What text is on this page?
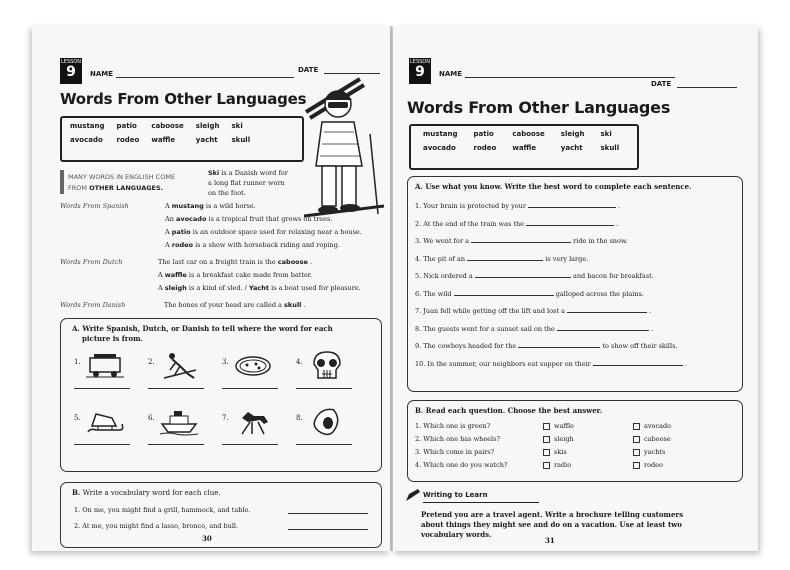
LESSON
9	NAME	DATE
Words From Other Languages
mustang patio	caboose sleigh ski
avocado rodeo waffle	yacht skull
MANY WORDS IN ENGLISH COME
FROM OTHER LANGUAGES.
Ski is a Danish word for
a long flat runner worn
on the foot.
Words From Spanish	A mustang is a wild horse.
An avocado is a tropical fruit that grows on trees.
A patio is an outdoor space used for relaxing near a house.
A rodeo is a show with horseback riding and roping.
Words From Dutch	The last car on a freight train is the caboose .
A waffle is a breakfast cake made from batter.
A sleigh is a kind of sled. / Yacht is a boat used for pleasure.
Words From Danish	The bones of your head are called a skull .
A. Write Spanish, Dutch, or Danish to tell where the word for each
picture is from.
B. Write a vocabulary word for each clue.
30
1.	2.	3.	4.
5.	6.	7.	8.
1. On me, you might find a grill, hammock, and table.
2. At me, you might find a lasso, bronco, and bull.
LESSON
9	NAME
DATE
Words From Other Languages
mustang patio	caboose sleigh ski
avocado	rodeo waffle	yacht	skull
A. Use what you know. Write the best word to complete each sentence.
B. Read each question. Choose the best answer.
Writing to Learn
Pretend you are a travel agent. Write a brochure telling customers
about things they might see and do on a vacation. Use at least two
vocabulary words.
31
1. Your brain is protected by your	.
2. At the end of the train was the	.
3. We went for a	ride in the snow.
4. The pit of an	is very large.
5. Nick ordered a	and bacon for breakfast.
6. The wild	galloped across the plains.
7. Juan fell while getting off the lift and lost a	.
8. The guests went for a sunset sail on the	.
9. The cowboys headed for the	to show off their skills.
10. In the summer, our neighbors eat supper on their	.
1. Which one is green?	waffle	avocado
2. Which one has wheels?	sleigh	caboose
3. Which come in pairs?	skis	yachts
4. Which one do you watch?	radio	rodeo
